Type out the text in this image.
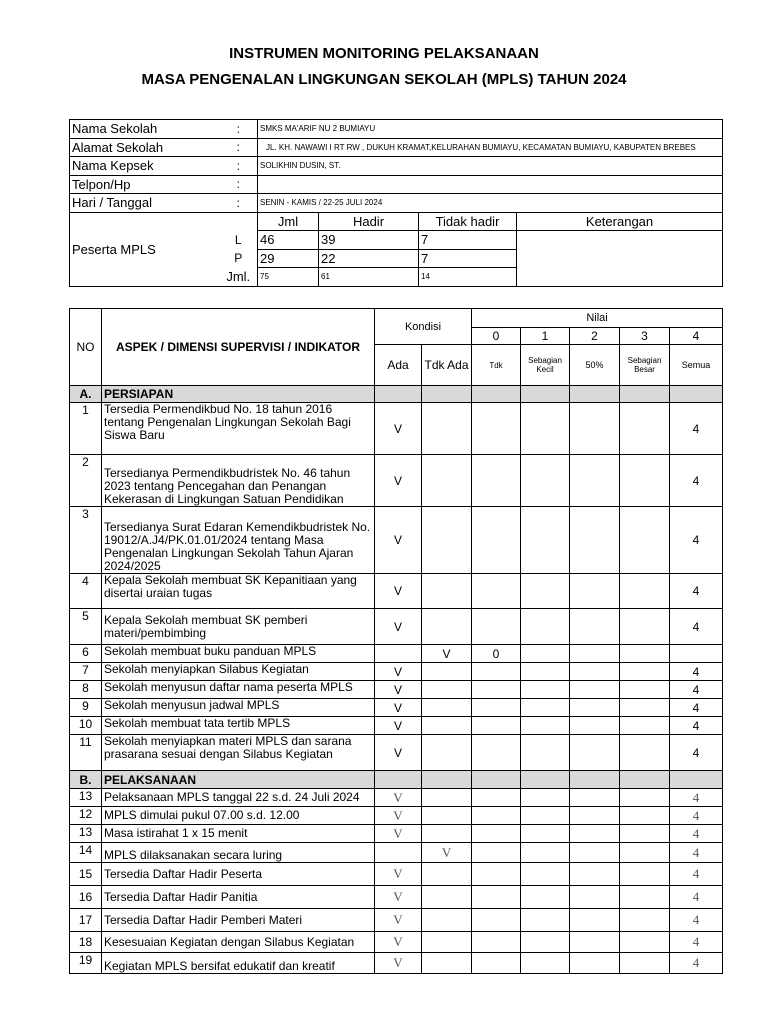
INSTRUMEN MONITORING PELAKSANAAN
MASA PENGENALAN LINGKUNGAN SEKOLAH (MPLS) TAHUN 2024
Nama Sekolah		:	SMKS MA'ARIF NU 2 BUMIAYU			
Alamat Sekolah		:	JL. KH. NAWAWI I RT RW , DUKUH KRAMAT,KELURAHAN BUMIAYU, KECAMATAN BUMIAYU, KABUPATEN BREBES			
Nama Kepsek		:	SOLIKHIN DUSIN, ST.			
Telpon/Hp		:				
Hari / Tanggal		:	SENIN - KAMIS / 22-25 JULI 2024			
Peserta MPLS			Jml	Hadir	Tidak hadir	Keterangan
	L	46	39	7	
	P	29	22	7	
	Jml.	75	61	14	
NO	ASPEK / DIMENSI SUPERVISI / INDIKATOR	Kondisi		Nilai				
				0	1	2	3	4
		Ada	Tdk Ada	Tdk	Sebagian Kecil	50%	Sebagian Besar	Semua
A.	PERSIAPAN							
1	Tersedia Permendikbud No. 18 tahun 2016 tentang Pengenalan Lingkungan Sekolah Bagi Siswa Baru	V						4
2	Tersedianya Permendikbudristek No. 46 tahun 2023 tentang Pencegahan dan Penangan Kekerasan di Lingkungan Satuan Pendidikan	V						4
3	Tersedianya Surat Edaran Kemendikbudristek No. 19012/A.J4/PK.01.01/2024 tentang Masa Pengenalan Lingkungan Sekolah Tahun Ajaran 2024/2025	V						4
4	Kepala Sekolah membuat SK Kepanitiaan yang disertai uraian tugas	V						4
5	Kepala Sekolah membuat SK pemberi materi/pembimbing	V						4
6	Sekolah membuat buku panduan MPLS		V	0				
7	Sekolah menyiapkan Silabus Kegiatan	V						4
8	Sekolah menyusun daftar nama peserta MPLS	V						4
9	Sekolah menyusun jadwal MPLS	V						4
10	Sekolah membuat tata tertib MPLS	V						4
11	Sekolah menyiapkan materi MPLS dan sarana prasarana sesuai dengan Silabus Kegiatan	V						4
B.	PELAKSANAAN							
13	Pelaksanaan MPLS tanggal 22 s.d. 24 Juli 2024	V						4
12	MPLS dimulai pukul 07.00 s.d. 12.00	V						4
13	Masa istirahat 1 x 15 menit	V						4
14	MPLS dilaksanakan secara luring		V					4
15	Tersedia Daftar Hadir Peserta	V						4
16	Tersedia Daftar Hadir Panitia	V						4
17	Tersedia Daftar Hadir Pemberi Materi	V						4
18	Kesesuaian Kegiatan dengan Silabus Kegiatan	V						4
19	Kegiatan MPLS bersifat edukatif dan kreatif	V						4
